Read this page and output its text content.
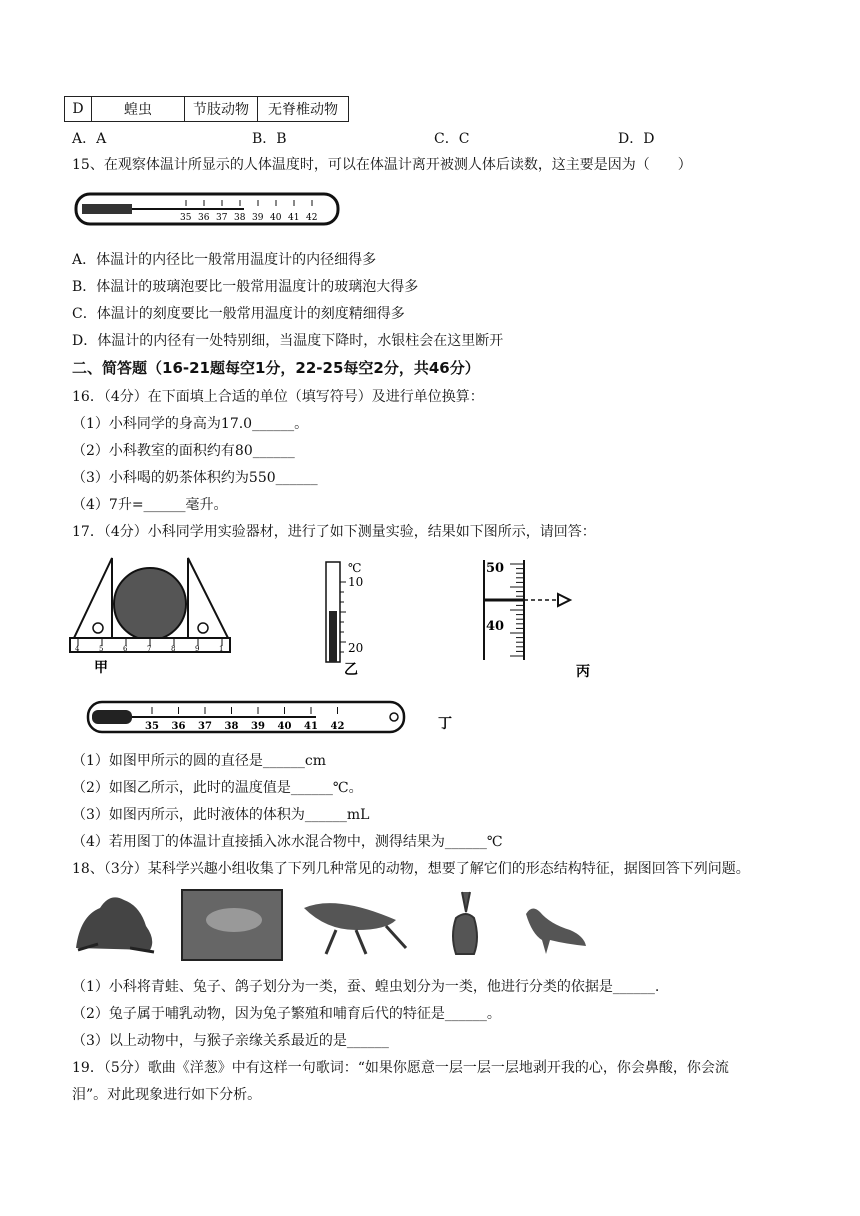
D	蝗虫	节肢动物	无脊椎动物
A．A	B．B	C．C	D．D
15、在观察体温计所显示的人体温度时，可以在体温计离开被测人体后读数，这主要是因为（　　）
35 36 37 38 39 40 41 42
A．体温计的内径比一般常用温度计的内径细得多
B．体温计的玻璃泡要比一般常用温度计的玻璃泡大得多
C．体温计的刻度要比一般常用温度计的刻度精细得多
D．体温计的内径有一处特别细，当温度下降时，水银柱会在这里断开
二、简答题（16-21题每空1分，22-25每空2分，共46分）
16．（4分）在下面填上合适的单位（填写符号）及进行单位换算：
（1）小科同学的身高为17.0______。
（2）小科教室的面积约有80______
（3）小科喝的奶茶体积约为550______
（4）7升=______毫升。
17．（4分）小科同学用实验器材，进行了如下测量实验，结果如下图所示，请回答：
4	5	6	7	8	9	1
甲
℃
10
20
乙
50
40
丙
35 36 37 38 39 40 41 42	丁
（1）如图甲所示的圆的直径是______cm
（2）如图乙所示，此时的温度值是______℃。
（3）如图丙所示，此时液体的体积为______mL
（4）若用图丁的体温计直接插入冰水混合物中，测得结果为______℃
18、（3分）某科学兴趣小组收集了下列几种常见的动物，想要了解它们的形态结构特征，据图回答下列问题。
（1）小科将青蛙、兔子、鸽子划分为一类，蚕、蝗虫划分为一类，他进行分类的依据是______.
（2）兔子属于哺乳动物，因为兔子繁殖和哺育后代的特征是______。
（3）以上动物中，与猴子亲缘关系最近的是______
19．（5分）歌曲《洋葱》中有这样一句歌词：“如果你愿意一层一层一层地剥开我的心，你会鼻酸，你会流
泪”。对此现象进行如下分析。
